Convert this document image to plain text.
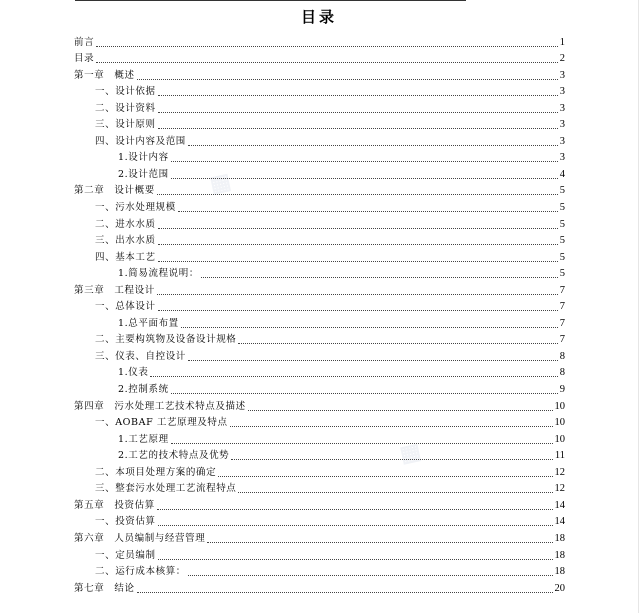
目录
▦
▦
前言	1
目录	2
第一章　概述	3
一、设计依据	3
二、设计资料	3
三、设计原则	3
四、设计内容及范围	3
1.设计内容	3
2.设计范围	4
第二章　设计概要	5
一、污水处理规模	5
二、进水水质	5
三、出水水质	5
四、基本工艺	5
1.简易流程说明：	5
第三章　工程设计	7
一、总体设计	7
1.总平面布置	7
二、主要构筑物及设备设计规格	7
三、仪表、自控设计	8
1.仪表	8
2.控制系统	9
第四章　污水处理工艺技术特点及描述	10
一、AOBAF 工艺原理及特点	10
1.工艺原理	10
2.工艺的技术特点及优势	11
二、本项目处理方案的确定	12
三、整套污水处理工艺流程特点	12
第五章　投资估算	14
一、投资估算	14
第六章　人员编制与经营管理	18
一、定员编制	18
二、运行成本核算：	18
第七章　结论	20
